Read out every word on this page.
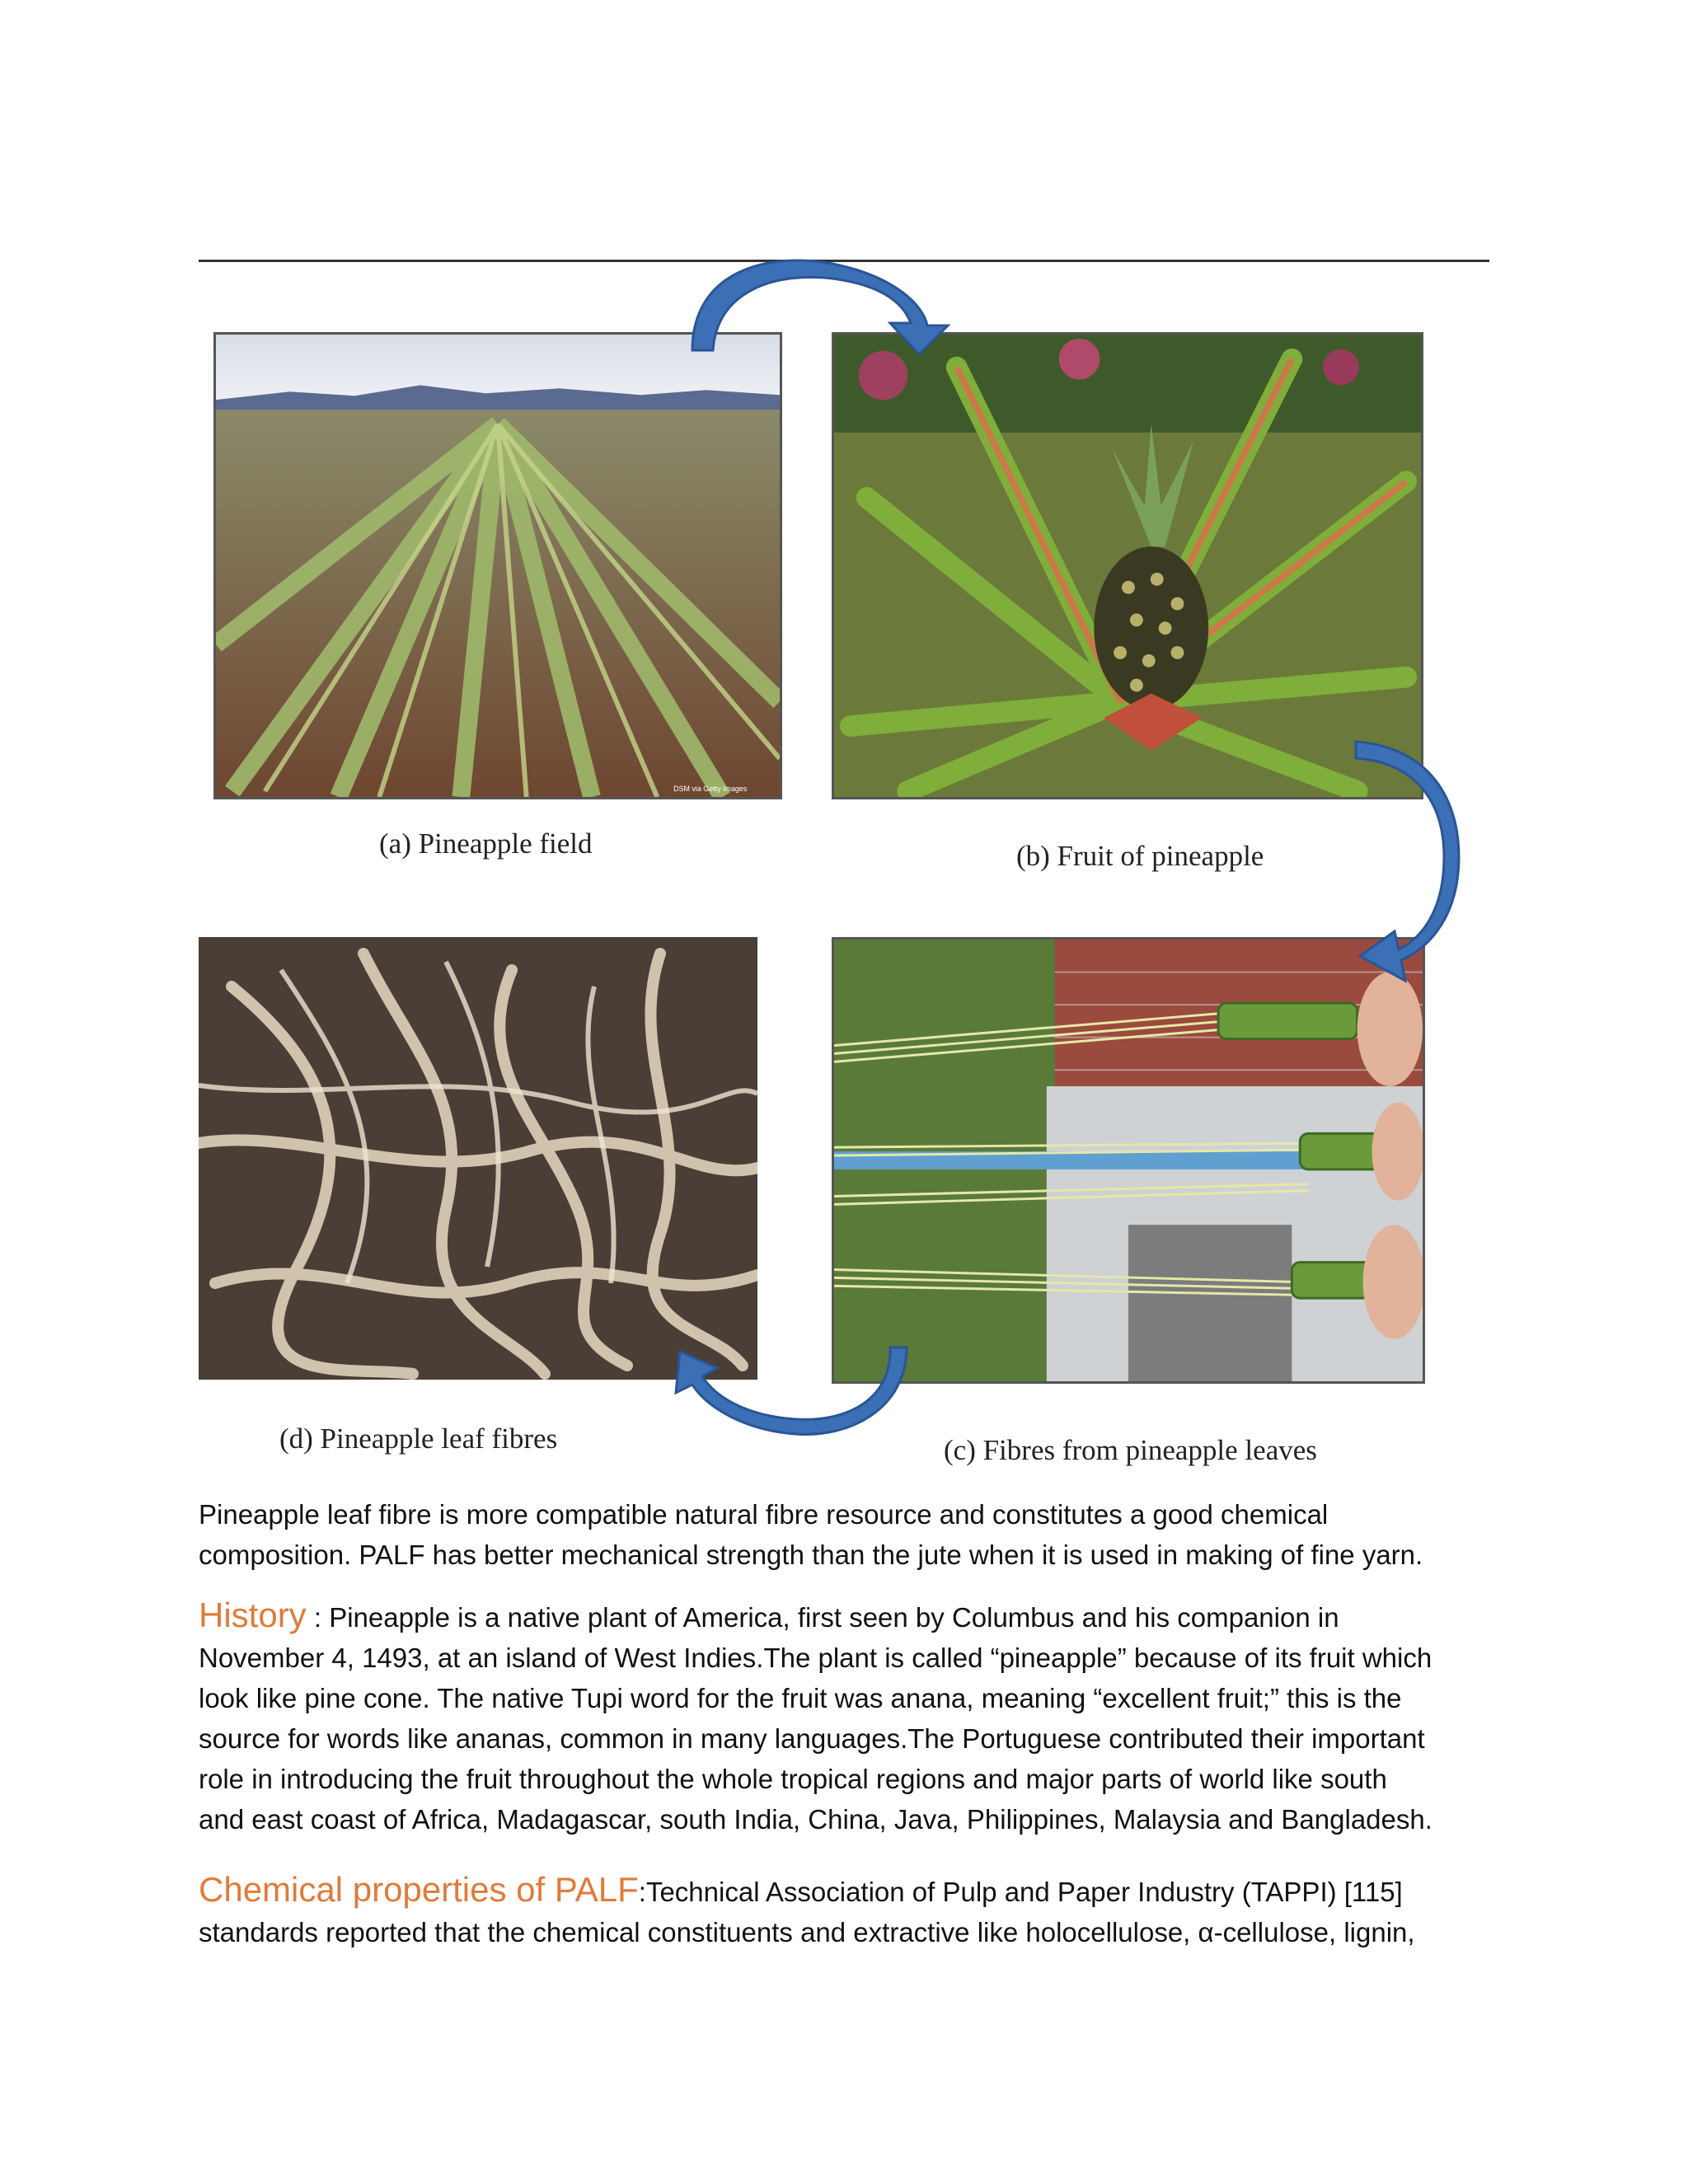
DSM via Getty Images
(a) Pineapple field	(b) Fruit of pineapple
(d) Pineapple leaf fibres	(c) Fibres from pineapple leaves
Pineapple leaf fibre is more compatible natural fibre resource and constitutes a good chemical
composition. PALF has better mechanical strength than the jute when it is used in making of fine yarn.
History : Pineapple is a native plant of America, first seen by Columbus and his companion in
November 4, 1493, at an island of West Indies.The plant is called “pineapple” because of its fruit which
look like pine cone. The native Tupi word for the fruit was anana, meaning “excellent fruit;” this is the
source for words like ananas, common in many languages.The Portuguese contributed their important
role in introducing the fruit throughout the whole tropical regions and major parts of world like south
and east coast of Africa, Madagascar, south India, China, Java, Philippines, Malaysia and Bangladesh.
Chemical properties of PALF:Technical Association of Pulp and Paper Industry (TAPPI) [115]
standards reported that the chemical constituents and extractive like holocellulose, α-cellulose, lignin,
